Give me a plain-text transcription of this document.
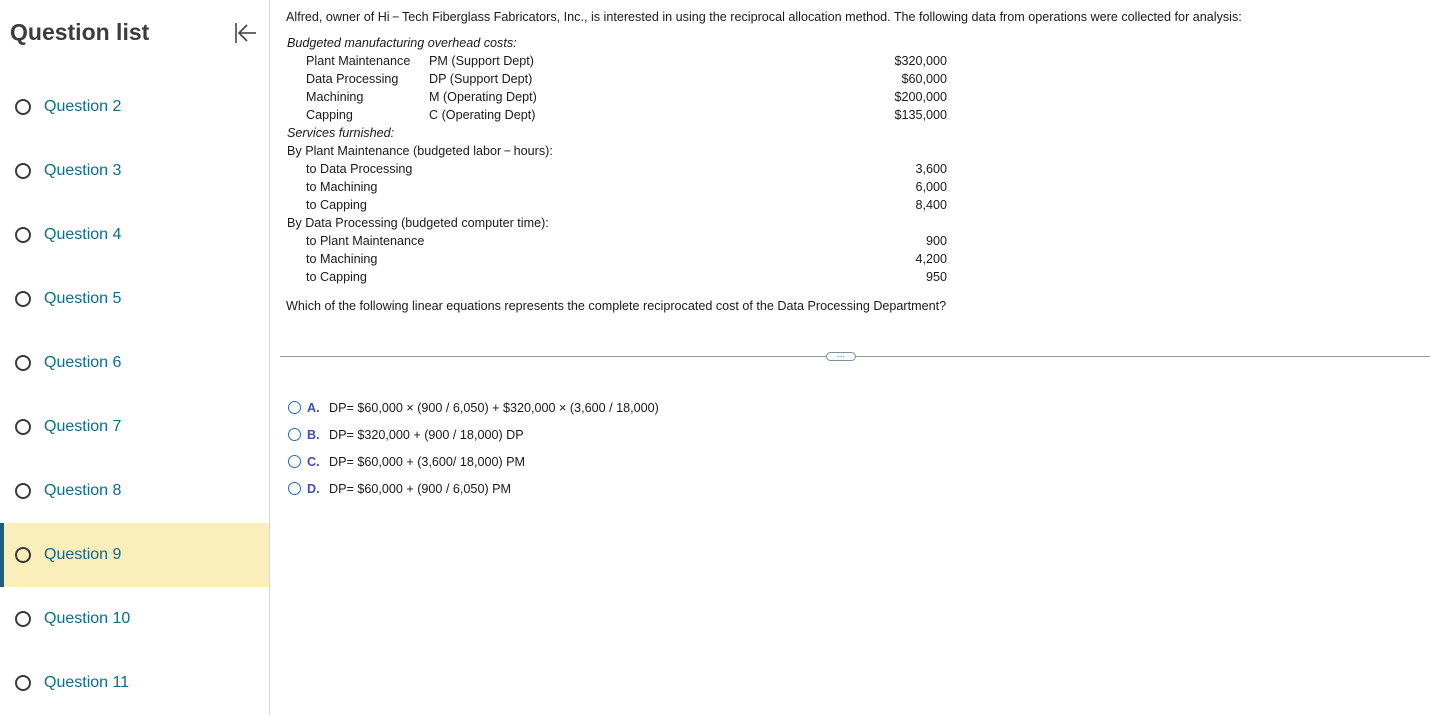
Question list
Question 2
Question 3
Question 4
Question 5
Question 6
Question 7
Question 8
Question 9
Question 10
Question 11
Alfred, owner of Hi − Tech Fiberglass Fabricators, Inc., is interested in using the reciprocal allocation method. The following data from operations were collected for analysis:
Budgeted manufacturing overhead costs:
Plant Maintenance PM (Support Dept)	$320,000
Data Processing DP (Support Dept)	$60,000
Machining	M (Operating Dept)	$200,000
Capping	C (Operating Dept)	$135,000
Services furnished:
By Plant Maintenance (budgeted labor − hours):
to Data Processing	3,600
to Machining	6,000
to Capping	8,400
By Data Processing (budgeted computer time):
to Plant Maintenance	900
to Machining	4,200
to Capping	950
Which of the following linear equations represents the complete reciprocated cost of the Data Processing Department?
…
A. DP= $60,000 × (900 / 6,050) + $320,000 × (3,600 / 18,000)
B. DP= $320,000 + (900 / 18,000) DP
C. DP= $60,000 + (3,600/ 18,000) PM
D. DP= $60,000 + (900 / 6,050) PM
